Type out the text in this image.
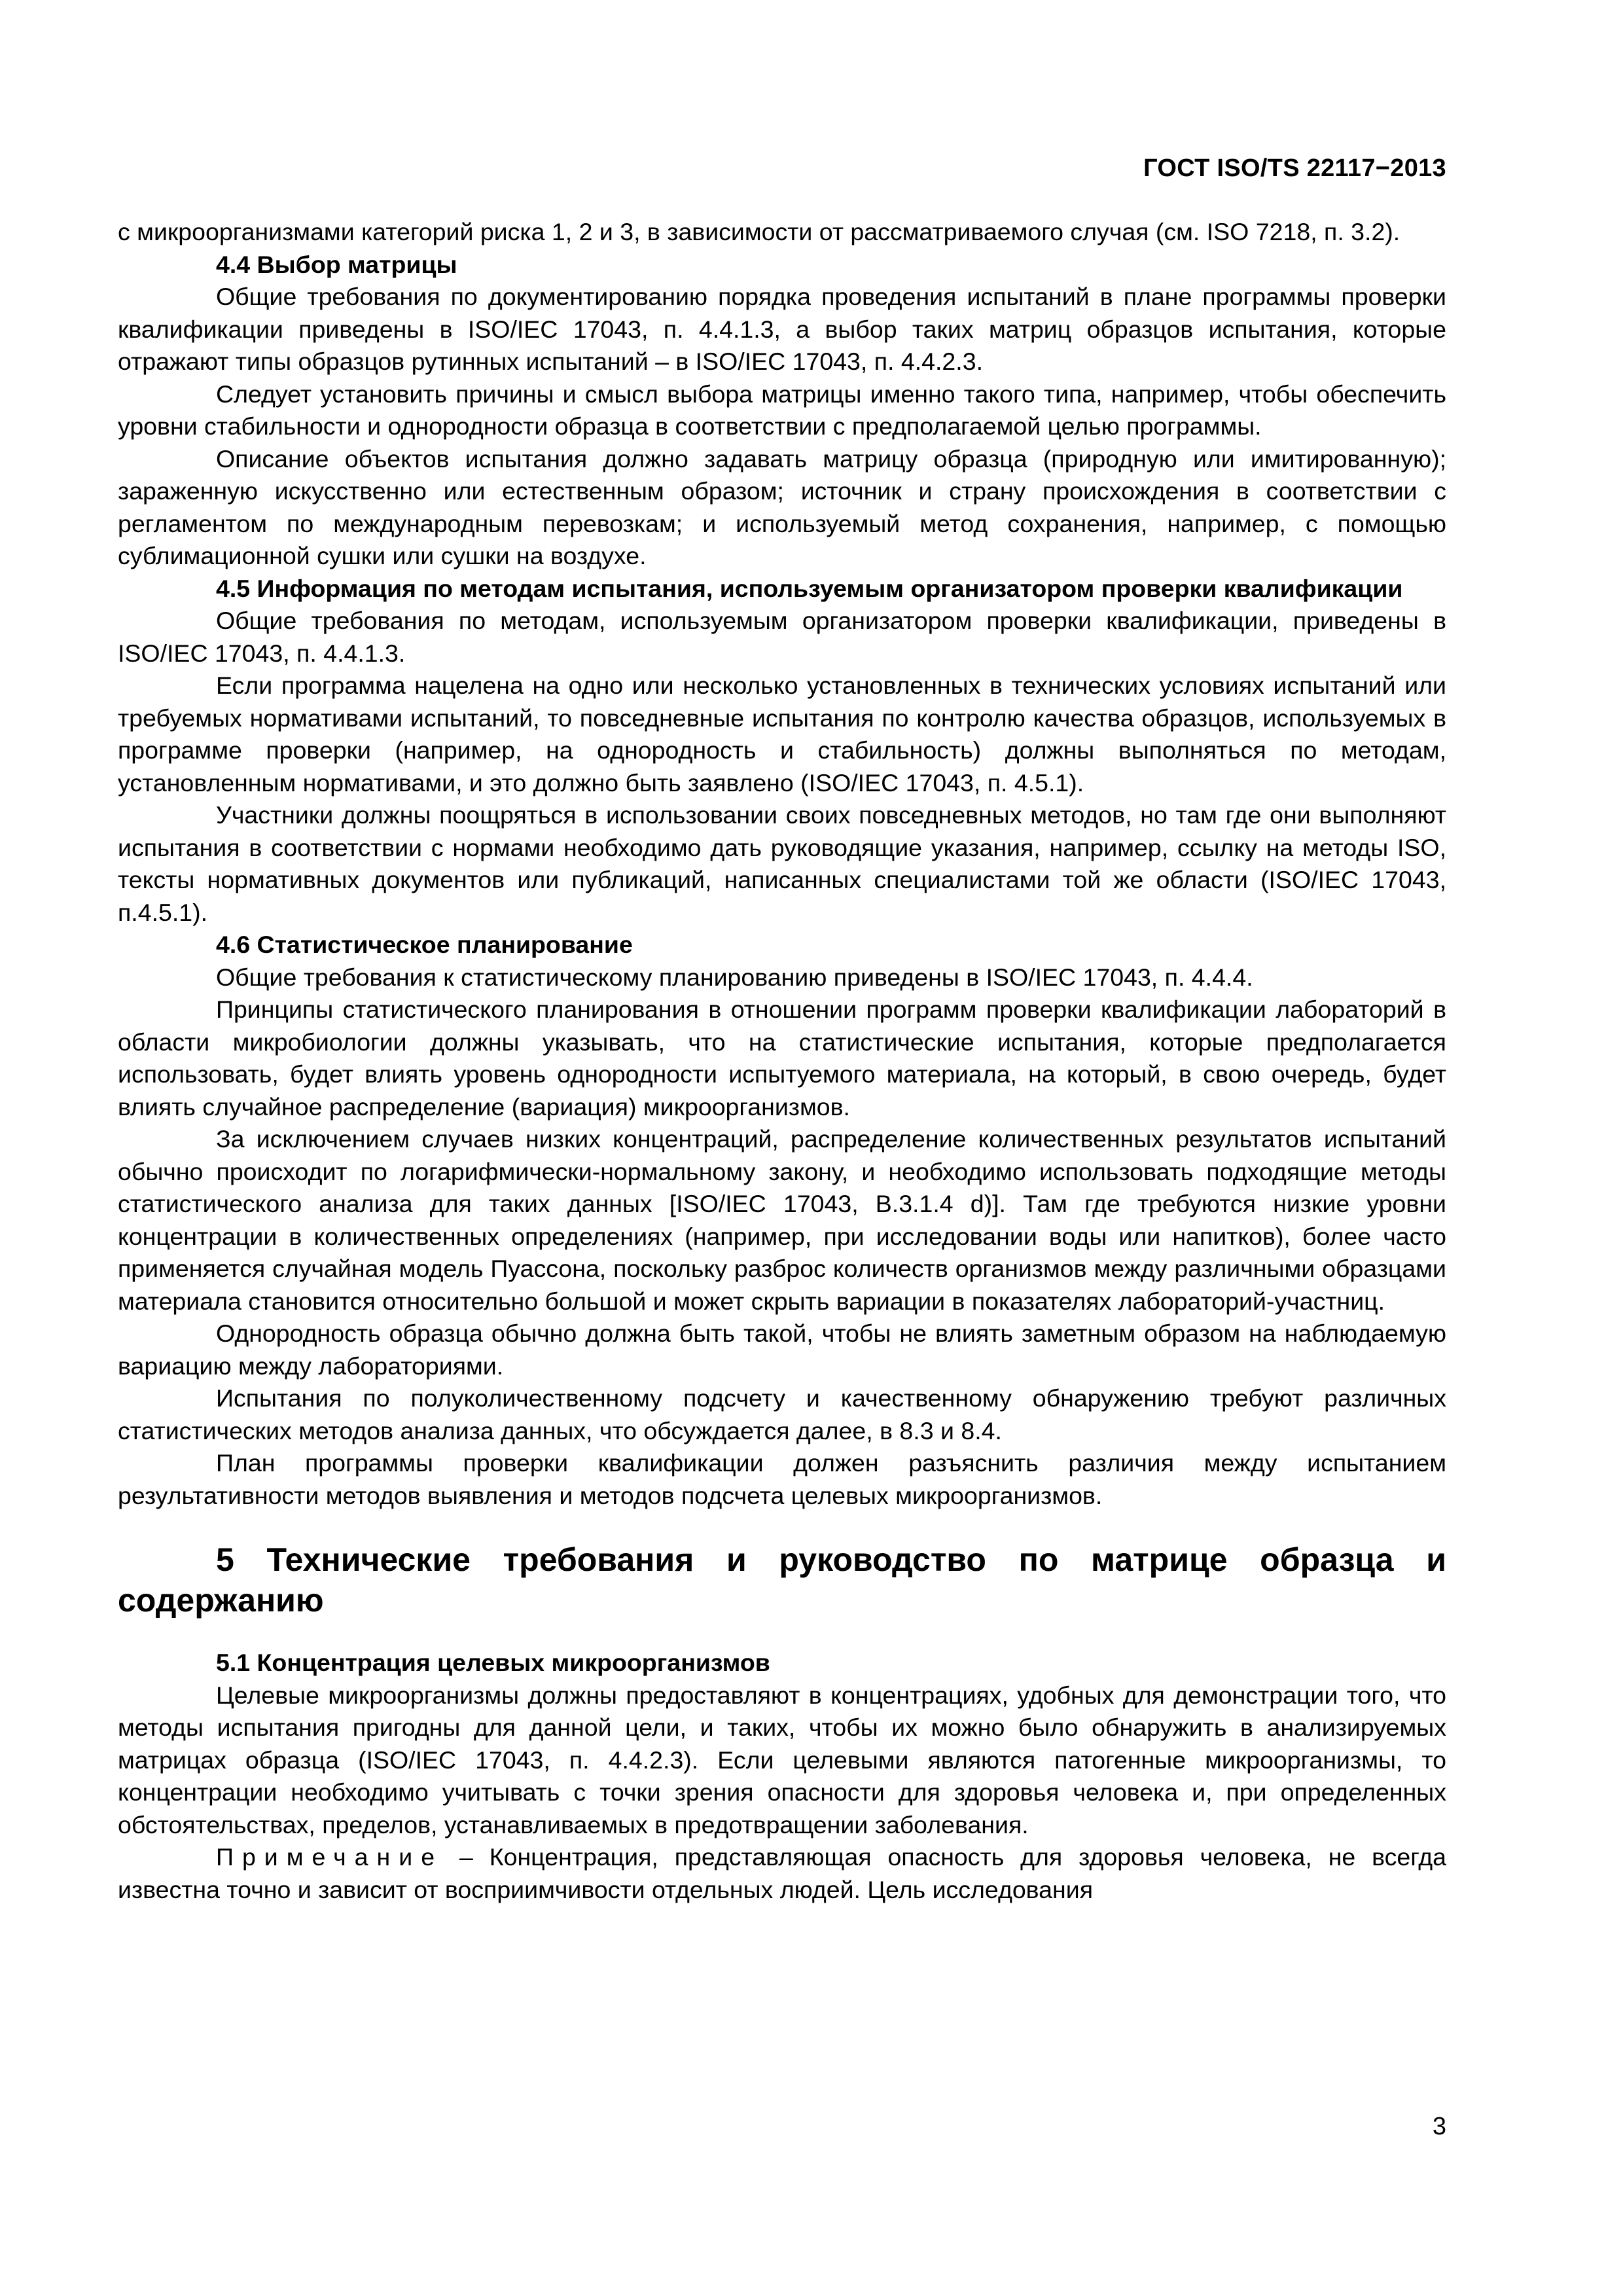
ГОСТ ISO/TS 22117−2013

с микроорганизмами категорий риска 1, 2 и 3, в зависимости от рассматриваемого случая (см. ISO 7218, п. 3.2).

4.4 Выбор матрицы

Общие требования по документированию порядка проведения испытаний в плане программы проверки квалификации приведены в ISO/IEC 17043, п. 4.4.1.3, а выбор таких матриц образцов испытания, которые отражают типы образцов рутинных испытаний – в ISO/IEC 17043, п. 4.4.2.3.

Следует установить причины и смысл выбора матрицы именно такого типа, например, чтобы обеспечить уровни стабильности и однородности образца в соответствии с предполагаемой целью программы.

Описание объектов испытания должно задавать матрицу образца (природную или имитированную); зараженную искусственно или естественным образом; источник и страну происхождения в соответствии с регламентом по международным перевозкам; и используемый метод сохранения, например, с помощью сублимационной сушки или сушки на воздухе.

4.5 Информация по методам испытания, используемым организатором проверки квалификации

Общие требования по методам, используемым организатором проверки квалификации, приведены в ISO/IEC 17043, п. 4.4.1.3.

Если программа нацелена на одно или несколько установленных в технических условиях испытаний или требуемых нормативами испытаний, то повседневные испытания по контролю качества образцов, используемых в программе проверки (например, на однородность и стабильность) должны выполняться по методам, установленным нормативами, и это должно быть заявлено (ISO/IEC 17043, п. 4.5.1).

Участники должны поощряться в использовании своих повседневных методов, но там где они выполняют испытания в соответствии с нормами необходимо дать руководящие указания, например, ссылку на методы ISO, тексты нормативных документов или публикаций, написанных специалистами той же области (ISO/IEC 17043, п.4.5.1).

4.6 Статистическое планирование

Общие требования к статистическому планированию приведены в ISO/IEC 17043, п. 4.4.4.

Принципы статистического планирования в отношении программ проверки квалификации лабораторий в области микробиологии должны указывать, что на статистические испытания, которые предполагается использовать, будет влиять уровень однородности испытуемого материала, на который, в свою очередь, будет влиять случайное распределение (вариация) микроорганизмов.

За исключением случаев низких концентраций, распределение количественных результатов испытаний обычно происходит по логарифмически-нормальному закону, и необходимо использовать подходящие методы статистического анализа для таких данных [ISO/IEC 17043, B.3.1.4 d)]. Там где требуются низкие уровни концентрации в количественных определениях (например, при исследовании воды или напитков), более часто применяется случайная модель Пуассона, поскольку разброс количеств организмов между различными образцами материала становится относительно большой и может скрыть вариации в показателях лабораторий-участниц.

Однородность образца обычно должна быть такой, чтобы не влиять заметным образом на наблюдаемую вариацию между лабораториями.

Испытания по полуколичественному подсчету и качественному обнаружению требуют различных статистических методов анализа данных, что обсуждается далее, в 8.3 и 8.4.

План программы проверки квалификации должен разъяснить различия между испытанием результативности методов выявления и методов подсчета целевых микроорганизмов.

5 Технические требования и руководство по матрице образца и содержанию

5.1 Концентрация целевых микроорганизмов

Целевые микроорганизмы должны предоставляют в концентрациях, удобных для демонстрации того, что методы испытания пригодны для данной цели, и таких, чтобы их можно было обнаружить в анализируемых матрицах образца (ISO/IEC 17043, п. 4.4.2.3). Если целевыми являются патогенные микроорганизмы, то концентрации необходимо учитывать с точки зрения опасности для здоровья человека и, при определенных обстоятельствах, пределов, устанавливаемых в предотвращении заболевания.

Примечание – Концентрация, представляющая опасность для здоровья человека, не всегда известна точно и зависит от восприимчивости отдельных людей. Цель исследования

3
